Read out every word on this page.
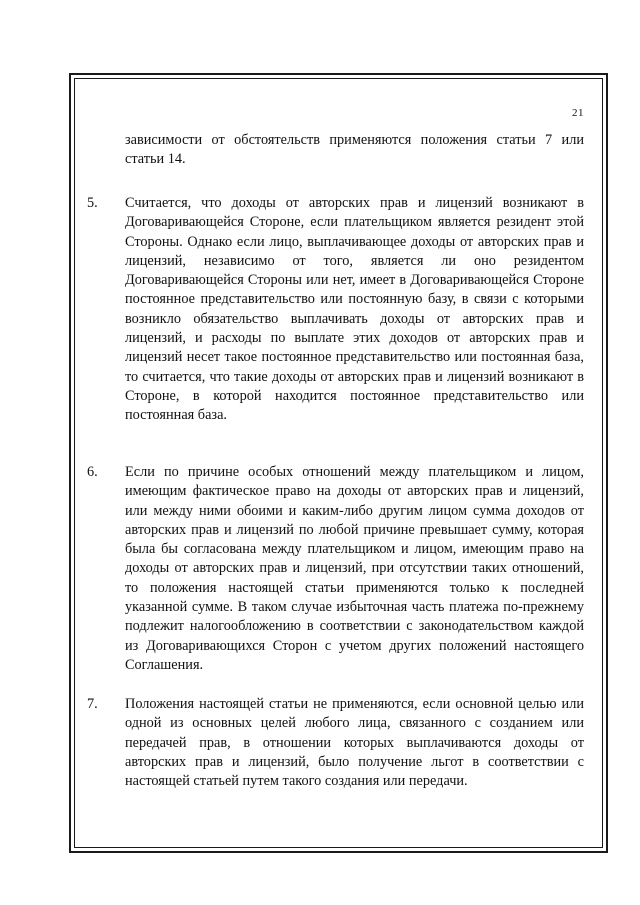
21
зависимости от обстоятельств применяются положения статьи 7 или статьи 14.
5. Считается, что доходы от авторских прав и лицензий возникают в Договаривающейся Стороне, если плательщиком является резидент этой Стороны. Однако если лицо, выплачивающее доходы от авторских прав и лицензий, независимо от того, является ли оно резидентом Договаривающейся Стороны или нет, имеет в Договаривающейся Стороне постоянное представительство или постоянную базу, в связи с которыми возникло обязательство выплачивать доходы от авторских прав и лицензий, и расходы по выплате этих доходов от авторских прав и лицензий несет такое постоянное представительство или постоянная база, то считается, что такие доходы от авторских прав и лицензий возникают в Стороне, в которой находится постоянное представительство или постоянная база.
6. Если по причине особых отношений между плательщиком и лицом, имеющим фактическое право на доходы от авторских прав и лицензий, или между ними обоими и каким-либо другим лицом сумма доходов от авторских прав и лицензий по любой причине превышает сумму, которая была бы согласована между плательщиком и лицом, имеющим право на доходы от авторских прав и лицензий, при отсутствии таких отношений, то положения настоящей статьи применяются только к последней указанной сумме. В таком случае избыточная часть платежа по-прежнему подлежит налогообложению в соответствии с законодательством каждой из Договаривающихся Сторон с учетом других положений настоящего Соглашения.
7. Положения настоящей статьи не применяются, если основной целью или одной из основных целей любого лица, связанного с созданием или передачей прав, в отношении которых выплачиваются доходы от авторских прав и лицензий, было получение льгот в соответствии с настоящей статьей путем такого создания или передачи.
